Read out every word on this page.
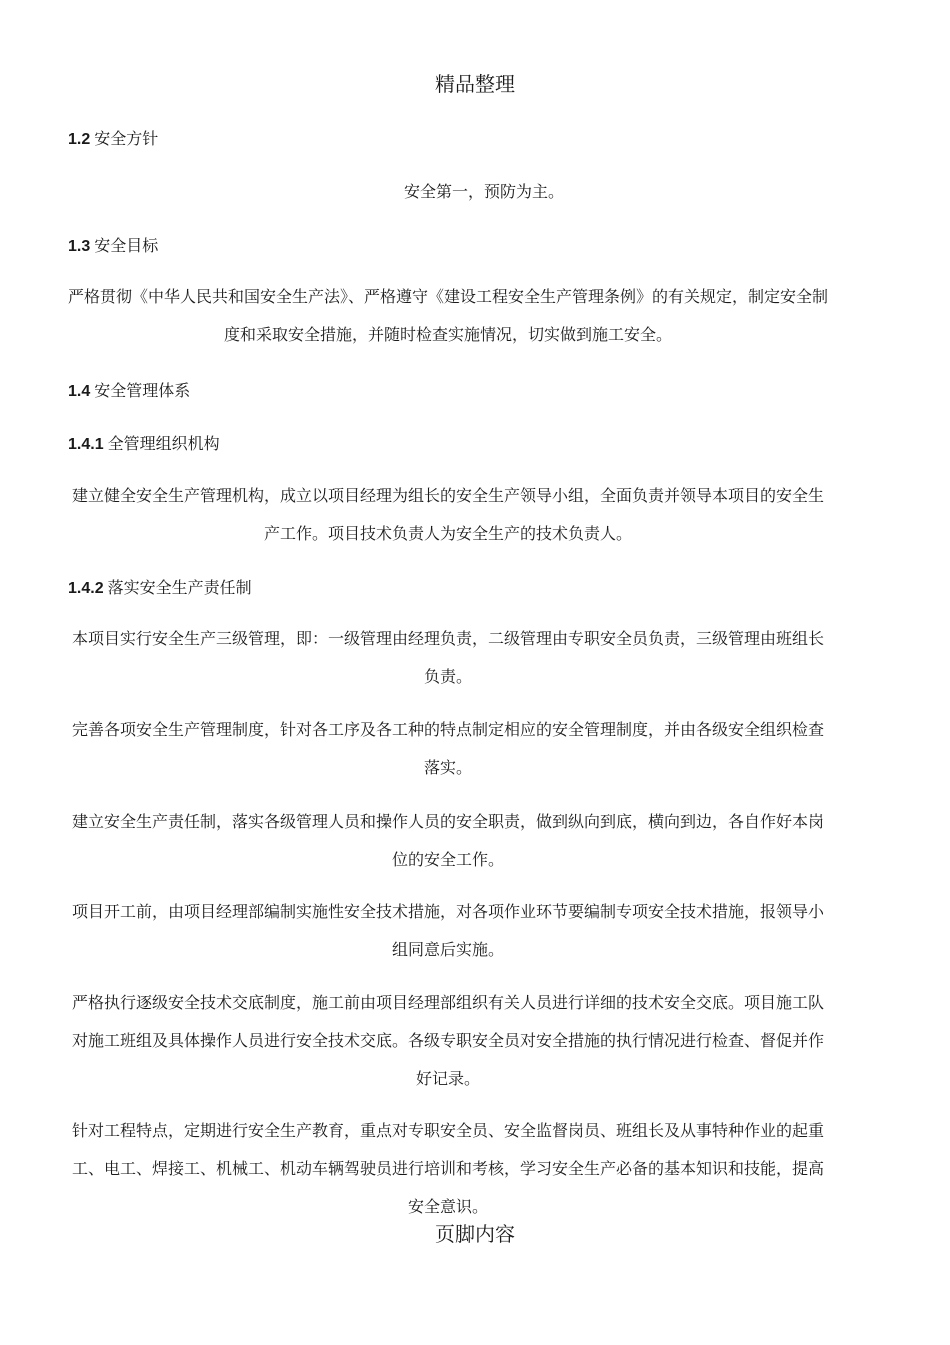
精品整理
1.2 安全方针
安全第一，预防为主。
1.3 安全目标
严格贯彻《中华人民共和国安全生产法》、严格遵守《建设工程安全生产管理条例》的有关规定，制定安全制度和采取安全措施，并随时检查实施情况，切实做到施工安全。
1.4 安全管理体系
1.4.1 全管理组织机构
建立健全安全生产管理机构，成立以项目经理为组长的安全生产领导小组，全面负责并领导本项目的安全生产工作。项目技术负责人为安全生产的技术负责人。
1.4.2 落实安全生产责任制
本项目实行安全生产三级管理，即：一级管理由经理负责，二级管理由专职安全员负责，三级管理由班组长负责。
完善各项安全生产管理制度，针对各工序及各工种的特点制定相应的安全管理制度，并由各级安全组织检查落实。
建立安全生产责任制，落实各级管理人员和操作人员的安全职责，做到纵向到底，横向到边，各自作好本岗位的安全工作。
项目开工前，由项目经理部编制实施性安全技术措施，对各项作业环节要编制专项安全技术措施，报领导小组同意后实施。
严格执行逐级安全技术交底制度，施工前由项目经理部组织有关人员进行详细的技术安全交底。项目施工队对施工班组及具体操作人员进行安全技术交底。各级专职安全员对安全措施的执行情况进行检查、督促并作好记录。
针对工程特点，定期进行安全生产教育，重点对专职安全员、安全监督岗员、班组长及从事特种作业的起重工、电工、焊接工、机械工、机动车辆驾驶员进行培训和考核，学习安全生产必备的基本知识和技能，提高安全意识。
页脚内容
